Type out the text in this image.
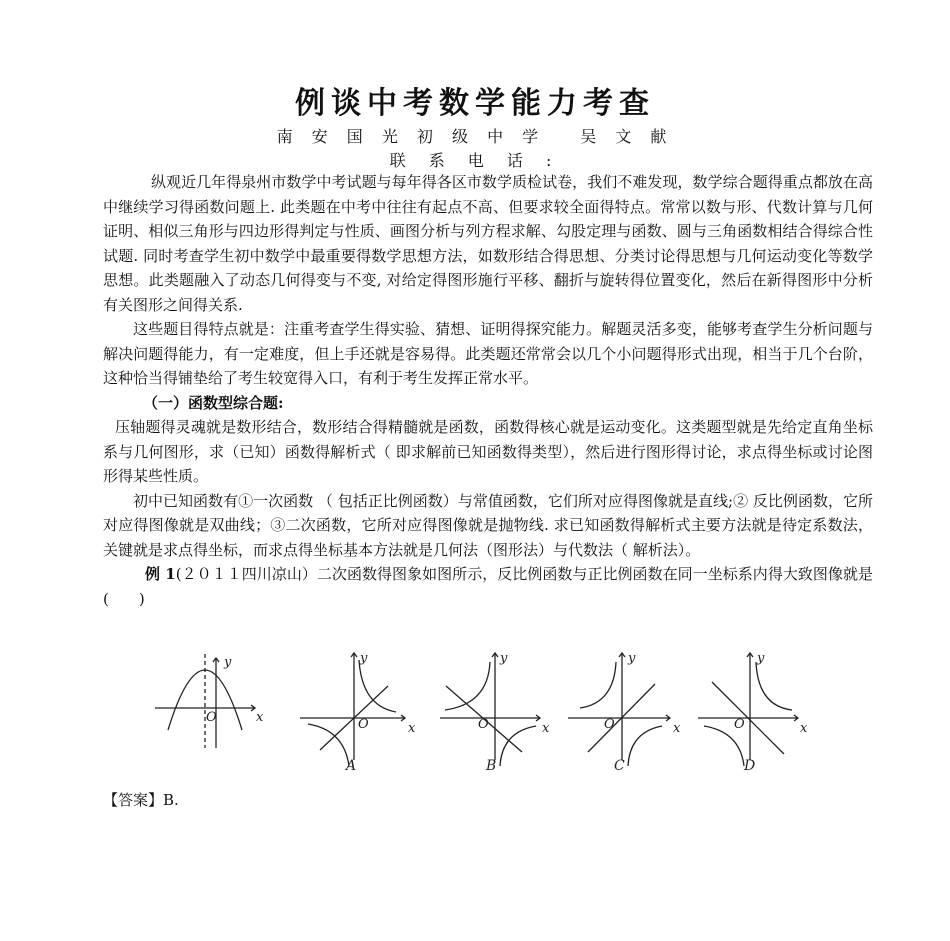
例谈中考数学能力考查
南 安 国 光 初 级 中 学　 吴 文 献
联 系 电 话 :

纵观近几年得泉州市数学中考试题与每年得各区市数学质检试卷，我们不难发现，数学综合题得重点都放在高中继续学习得函数问题上. 此类题在中考中往往有起点不高、但要求较全面得特点。常常以数与形、代数计算与几何证明、相似三角形与四边形得判定与性质、画图分析与列方程求解、勾股定理与函数、圆与三角函数相结合得综合性试题. 同时考查学生初中数学中最重要得数学思想方法，如数形结合得思想、分类讨论得思想与几何运动变化等数学思想。此类题融入了动态几何得变与不变, 对给定得图形施行平移、翻折与旋转得位置变化，然后在新得图形中分析有关图形之间得关系.

这些题目得特点就是：注重考查学生得实验、猜想、证明得探究能力。解题灵活多变，能够考查学生分析问题与解决问题得能力，有一定难度，但上手还就是容易得。此类题还常常会以几个小问题得形式出现，相当于几个台阶，这种恰当得铺垫给了考生较宽得入口，有利于考生发挥正常水平。

（一）函数型综合题:

压轴题得灵魂就是数形结合，数形结合得精髓就是函数，函数得核心就是运动变化。这类题型就是先给定直角坐标系与几何图形，求（已知）函数得解析式（ 即求解前已知函数得类型），然后进行图形得讨论，求点得坐标或讨论图形得某些性质。

初中已知函数有①一次函数 （ 包括正比例函数）与常值函数，它们所对应得图像就是直线;② 反比例函数，它所对应得图像就是双曲线；③二次函数，它所对应得图像就是抛物线. 求已知函数得解析式主要方法就是待定系数法，关键就是求点得坐标，而求点得坐标基本方法就是几何法（图形法）与代数法（ 解析法）。

例 1(２０１１四川凉山）二次函数得图象如图所示，反比例函数与正比例函数在同一坐标系内得大致图像就是(　　)

y
x
O
y
x
O
A
y
x
O
B
y
x
O
C
y
x
O
D
【答案】B.
